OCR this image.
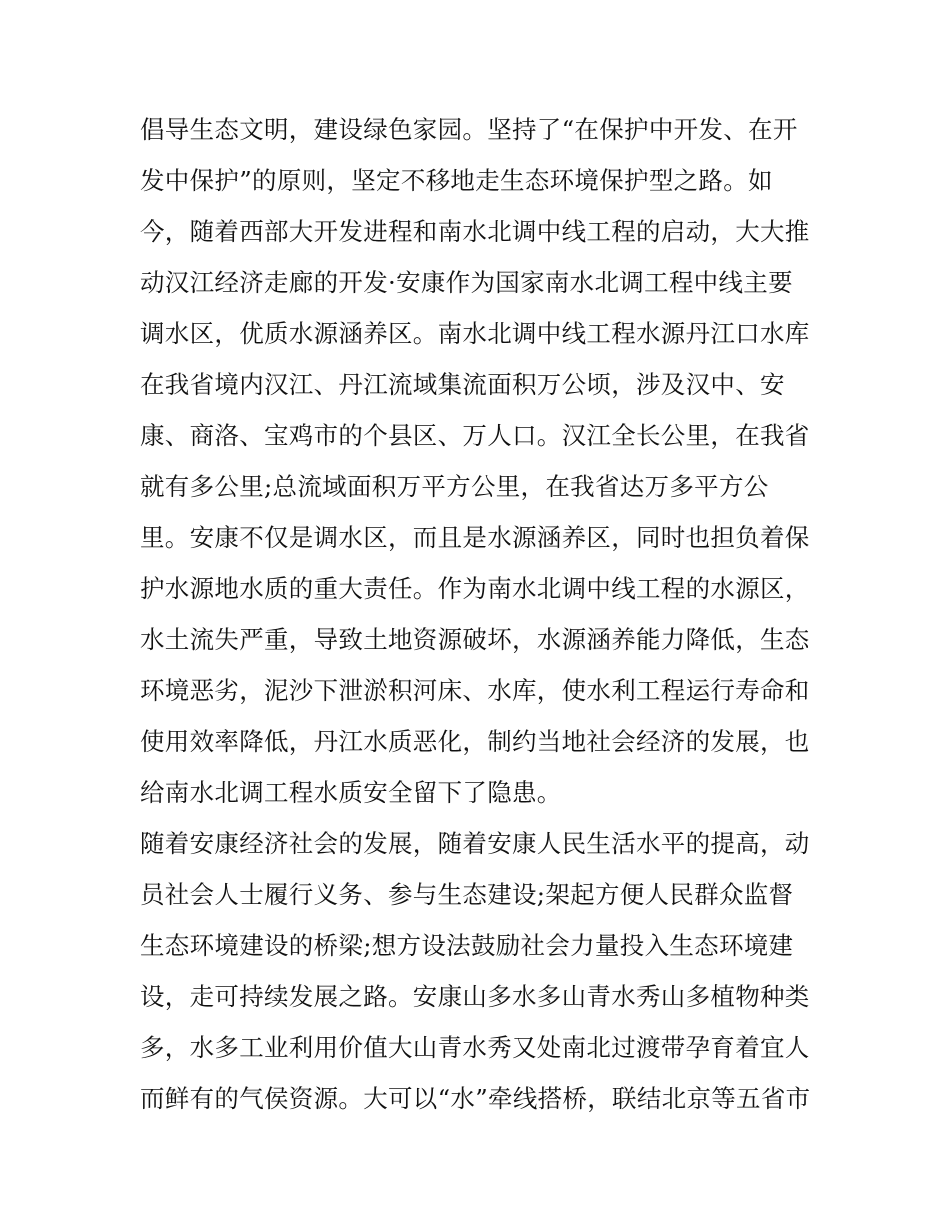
倡导生态文明，建设绿色家园。坚持了“在保护中开发、在开
发中保护”的原则，坚定不移地走生态环境保护型之路。如
今，随着西部大开发进程和南水北调中线工程的启动，大大推
动汉江经济走廊的开发·安康作为国家南水北调工程中线主要
调水区，优质水源涵养区。南水北调中线工程水源丹江口水库
在我省境内汉江、丹江流域集流面积万公顷，涉及汉中、安
康、商洛、宝鸡市的个县区、万人口。汉江全长公里，在我省
就有多公里;总流域面积万平方公里，在我省达万多平方公
里。安康不仅是调水区，而且是水源涵养区，同时也担负着保
护水源地水质的重大责任。作为南水北调中线工程的水源区，
水土流失严重，导致土地资源破坏，水源涵养能力降低，生态
环境恶劣，泥沙下泄淤积河床、水库，使水利工程运行寿命和
使用效率降低，丹江水质恶化，制约当地社会经济的发展，也
给南水北调工程水质安全留下了隐患。
随着安康经济社会的发展，随着安康人民生活水平的提高，动
员社会人士履行义务、参与生态建设;架起方便人民群众监督
生态环境建设的桥梁;想方设法鼓励社会力量投入生态环境建
设，走可持续发展之路。安康山多水多山青水秀山多植物种类
多，水多工业利用价值大山青水秀又处南北过渡带孕育着宜人
而鲜有的气侯资源。大可以“水”牵线搭桥，联结北京等五省市
